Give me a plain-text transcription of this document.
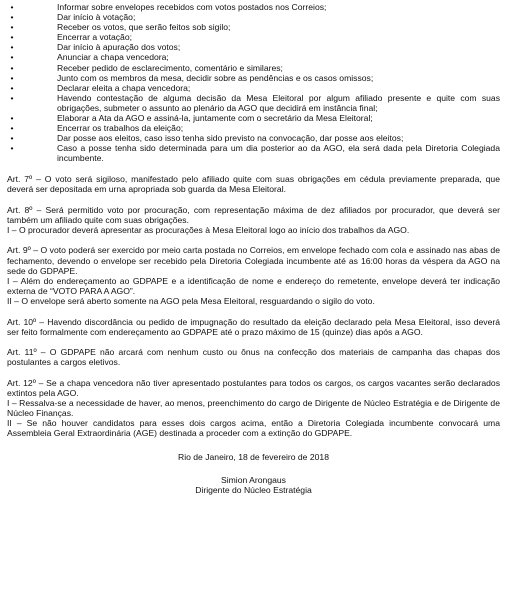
•	Informar sobre envelopes recebidos com votos postados nos Correios;
•	Dar início à votação;
•	Receber os votos, que serão feitos sob sigilo;
•	Encerrar a votação;
•	Dar início à apuração dos votos;
•	Anunciar a chapa vencedora;
•	Receber pedido de esclarecimento, comentário e similares;
•	Junto com os membros da mesa, decidir sobre as pendências e os casos omissos;
•	Declarar eleita a chapa vencedora;
•	Havendo contestação de alguma decisão da Mesa Eleitoral por algum afiliado presente e quite com suas obrigações, submeter o assunto ao plenário da AGO que decidirá em instância final;
•	Elaborar a Ata da AGO e assiná-la, juntamente com o secretário da Mesa Eleitoral;
•	Encerrar os trabalhos da eleição;
•	Dar posse aos eleitos, caso isso tenha sido previsto na convocação, dar posse aos eleitos;
•	Caso a posse tenha sido determinada para um dia posterior ao da AGO, ela será dada pela Diretoria Colegiada incumbente.

Art. 7º – O voto será sigiloso, manifestado pelo afiliado quite com suas obrigações em cédula previamente preparada, que deverá ser depositada em urna apropriada sob guarda da Mesa Eleitoral.

Art. 8º – Será permitido voto por procuração, com representação máxima de dez afiliados por procurador, que deverá ser também um afiliado quite com suas obrigações.

I – O procurador deverá apresentar as procurações à Mesa Eleitoral logo ao início dos trabalhos da AGO.

Art. 9º – O voto poderá ser exercido por meio carta postada no Correios, em envelope fechado com cola e assinado nas abas de fechamento, devendo o envelope ser recebido pela Diretoria Colegiada incumbente até as 16:00 horas da véspera da AGO na sede do GDPAPE.

I – Além do endereçamento ao GDPAPE e a identificação de nome e endereço do remetente, envelope deverá ter indicação externa de “VOTO PARA A AGO”.

II – O envelope será aberto somente na AGO pela Mesa Eleitoral, resguardando o sigilo do voto.

Art. 10º – Havendo discordância ou pedido de impugnação do resultado da eleição declarado pela Mesa Eleitoral, isso deverá ser feito formalmente com endereçamento ao GDPAPE até o prazo máximo de 15 (quinze) dias após a AGO.

Art. 11º – O GDPAPE não arcará com nenhum custo ou ônus na confecção dos materiais de campanha das chapas dos postulantes a cargos eletivos.

Art. 12º – Se a chapa vencedora não tiver apresentado postulantes para todos os cargos, os cargos vacantes serão declarados extintos pela AGO.

I – Ressalva-se a necessidade de haver, ao menos, preenchimento do cargo de Dirigente de Núcleo Estratégia e de Dirigente de Núcleo Finanças.

II – Se não houver candidatos para esses dois cargos acima, então a Diretoria Colegiada incumbente convocará uma Assembleia Geral Extraordinária (AGE) destinada a proceder com a extinção do GDPAPE.

Rio de Janeiro, 18 de fevereiro de 2018

Simion Arongaus

Dirigente do Núcleo Estratégia
